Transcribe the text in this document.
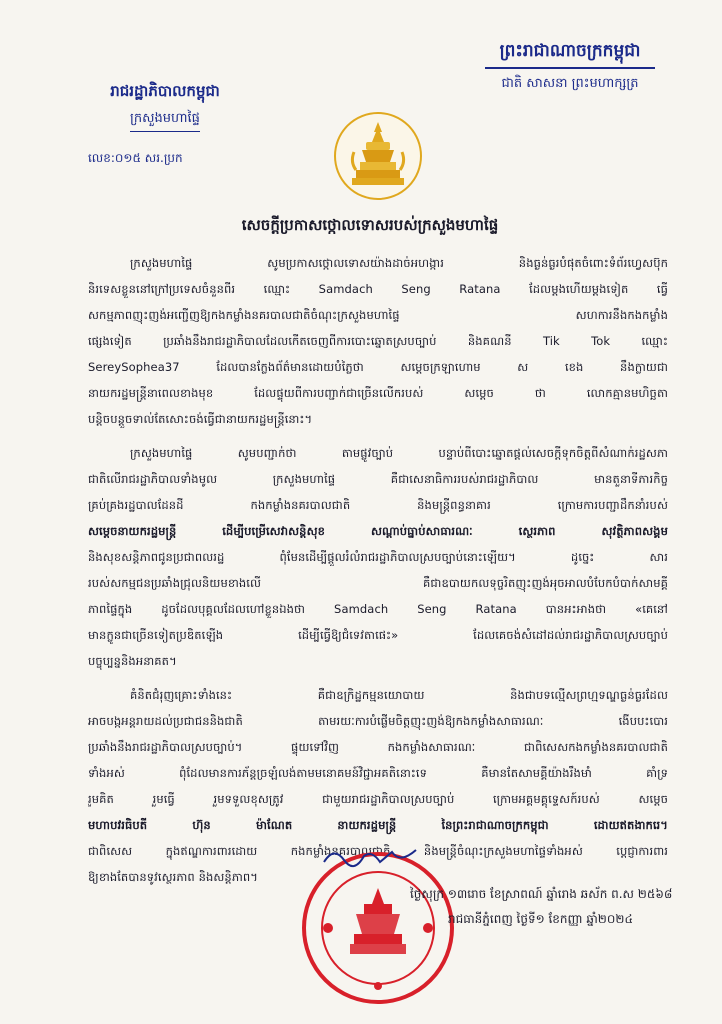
ព្រះរាជាណាចក្រកម្ពុជា
ជាតិ សាសនា ព្រះមហាក្សត្រ
រាជរដ្ឋាភិបាលកម្ពុជា
ក្រសួងមហាផ្ទៃ
លេខ:០១៥ សរ.ប្រក
សេចក្តីប្រកាសថ្កោលទោសរបស់ក្រសួងមហាផ្ទៃ
ក្រសួងមហាផ្ទៃ សូមប្រកាសថ្កោលទោសយ៉ាងដាច់អហង្ការ និងធ្ងន់ធ្ងរបំផុតចំពោះទំព័រហ្វេសប៊ុក
និរទេសខ្លួននៅក្រៅប្រទេសចំនួនពីរ ឈ្មោះ Samdach Seng Ratana ដែលម្តងហើយម្តងទៀត ធ្វើ
សកម្មភាពញុះញង់អញ្ជើញឱ្យកងកម្លាំងនគរបាលជាតិចំណុះក្រសួងមហាផ្ទៃ សហការនឹងកងកម្លាំង
ផ្សេងទៀត ប្រឆាំងនឹងរាជរដ្ឋាភិបាលដែលកើតចេញពីការបោះឆ្នោតស្របច្បាប់ និងគណនី Tik Tok ឈ្មោះ
SereySophea37 ដែលបានក្លែងព័ត៌មានដោយបំភ្លៃថា សម្តេចក្រឡាហោម ស ខេង នឹងក្លាយជា
នាយករដ្ឋមន្ត្រីនាពេលខាងមុខ ដែលផ្ទុយពីការបញ្ជាក់ជាច្រើនលើករបស់ សម្តេច ថា លោកគ្មានមហិច្ឆតា
បន្តិចបន្តួចទាល់តែសោះចង់ធ្វើជានាយករដ្ឋមន្ត្រីនោះ។
ក្រសួងមហាផ្ទៃ សូមបញ្ជាក់ថា តាមផ្លូវច្បាប់ បន្ទាប់ពីបោះឆ្នោតផ្តល់សេចក្តីទុកចិត្តពីសំណាក់រដ្ឋសភា
ជាតិលើរាជរដ្ឋាភិបាលទាំងមូល ក្រសួងមហាផ្ទៃ គឺជាសេនាធិការរបស់រាជរដ្ឋាភិបាល មានតួនាទីភារកិច្ច
គ្រប់គ្រងរដ្ឋបាលដែនដី កងកម្លាំងនគរបាលជាតិ និងមន្ត្រីពន្ធនាគារ ក្រោមការបញ្ជាដឹកនាំរបស់
សម្តេចនាយករដ្ឋមន្ត្រី ដើម្បីបម្រើសេវាសន្តិសុខ សណ្តាប់ធ្នាប់សាធារណៈ ស្ថេរភាព សុវត្ថិភាពសង្គម
និងសុខសន្តិភាពជូនប្រជាពលរដ្ឋ ពុំមែនដើម្បីផ្តួលរំលំរាជរដ្ឋាភិបាលស្របច្បាប់នោះឡើយ។ ដូច្នេះ សារ
របស់សកម្មជនប្រឆាំងជ្រុលនិយមខាងលើ គឺជាឧបាយកលទុច្ចរិតញុះញង់អុចអាលបំបែកបំបាក់សាមគ្គី
ភាពផ្ទៃក្នុង ដូចដែលបុគ្គលដែលហៅខ្លួនឯងថា Samdach Seng Ratana បានអះអាងថា «គេនៅ
មានក្លូនជាច្រើនទៀតប្រឌិតឡើង ដើម្បីធ្វើឱ្យជំទេវតាផេះ» ដែលគេចង់សំដៅដល់រាជរដ្ឋាភិបាលស្របច្បាប់
បច្ចុប្បន្ននិងអនាគត។
គំនិតជំរុញគ្រោះទាំងនេះ គឺជាឧក្រិដ្ឋកម្មនយោបាយ និងជាបទល្មើសព្រហ្មទណ្ឌធ្ងន់ធ្ងរដែល
អាចបង្កអន្តរាយដល់ប្រជាជននិងជាតិ តាមរយៈការបំផ្លើមចិត្តញុះញង់ឱ្យកងកម្លាំងសាធារណៈ ងើបបះបោរ
ប្រឆាំងនឹងរាជរដ្ឋាភិបាលស្របច្បាប់។ ផ្ទុយទៅវិញ កងកម្លាំងសាធារណៈ ជាពិសេសកងកម្លាំងនគរបាលជាតិ
ទាំងអស់ ពុំដែលមានការភ័ន្តច្រឡំលង់តាមមនោគមន៍វិជ្ជាអគតិនោះទេ គឺមានតែសាមគ្គីយ៉ាងរឹងមាំ គាំទ្រ
រួមគិត រួមធ្វើ រួមទទួលខុសត្រូវ ជាមួយរាជរដ្ឋាភិបាលស្របច្បាប់ ក្រោមអគ្គមគ្គុទ្ទេសក៍របស់ សម្តេច
មហាបវរធិបតី ហ៊ុន ម៉ាណែត នាយករដ្ឋមន្ត្រី នៃព្រះរាជាណាចក្រកម្ពុជា ដោយឥតងាករេ។
ជាពិសេស ក្នុងឥណ្ឌការពារដោយ កងកម្លាំងនគរបាលជាតិ និងមន្ត្រីចំណុះក្រសួងមហាផ្ទៃទាំងអស់ ប្តេជ្ញាការពារ
ឱ្យខាងតែបានទូវស្ថេរភាព និងសន្តិភាព។
ថ្ងៃសុក្រ ១៣រោច ខែស្រាពណ៍ ឆ្នាំរោង ឆស័ក ព.ស ២៥៦៨
រាជធានីភ្នំពេញ ថ្ងៃទី១ ខែកញ្ញា ឆ្នាំ២០២៤
